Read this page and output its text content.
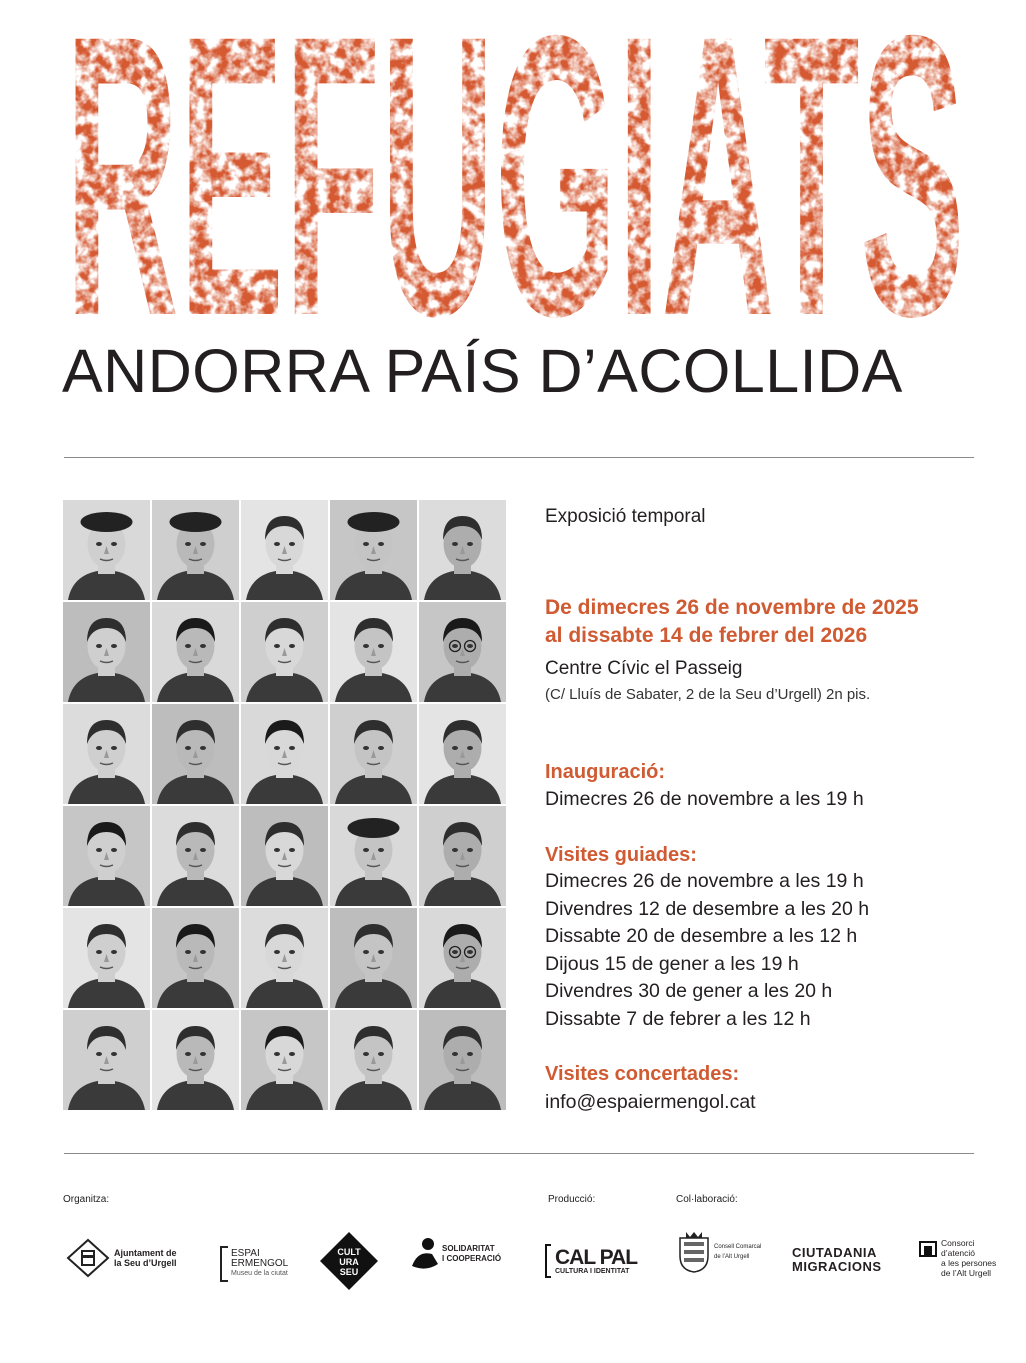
REFUGIATS
ANDORRA PAÍS D’ACOLLIDA
Exposició temporal
De dimecres 26 de novembre de 2025
al dissabte 14 de febrer del 2026
Centre Cívic el Passeig
(C/ Lluís de Sabater, 2 de la Seu d’Urgell) 2n pis.
Inauguració:
Dimecres 26 de novembre a les 19 h
Visites guiades:
Dimecres 26 de novembre a les 19 h
Divendres 12 de desembre a les 20 h
Dissabte 20 de desembre a les 12 h
Dijous 15 de gener a les 19 h
Divendres 30 de gener a les 20 h
Dissabte 7 de febrer a les 12 h
Visites concertades:
info@espaiermengol.cat
Organitza:	Producció:	Col·laboració:
Ajuntament de
la Seu d’Urgell
ESPAI
ERMENGOL
Museu de la ciutat
CULT
URA
SEU
SOLIDARITAT
I COOPERACIÓ	CAL PAL
CULTURA I IDENTITAT
Consell Comarcal
de l’Alt Urgell	CIUTADANIA
MIGRACIONS
Consorci
d’atenció
a les persones
de l’Alt Urgell
